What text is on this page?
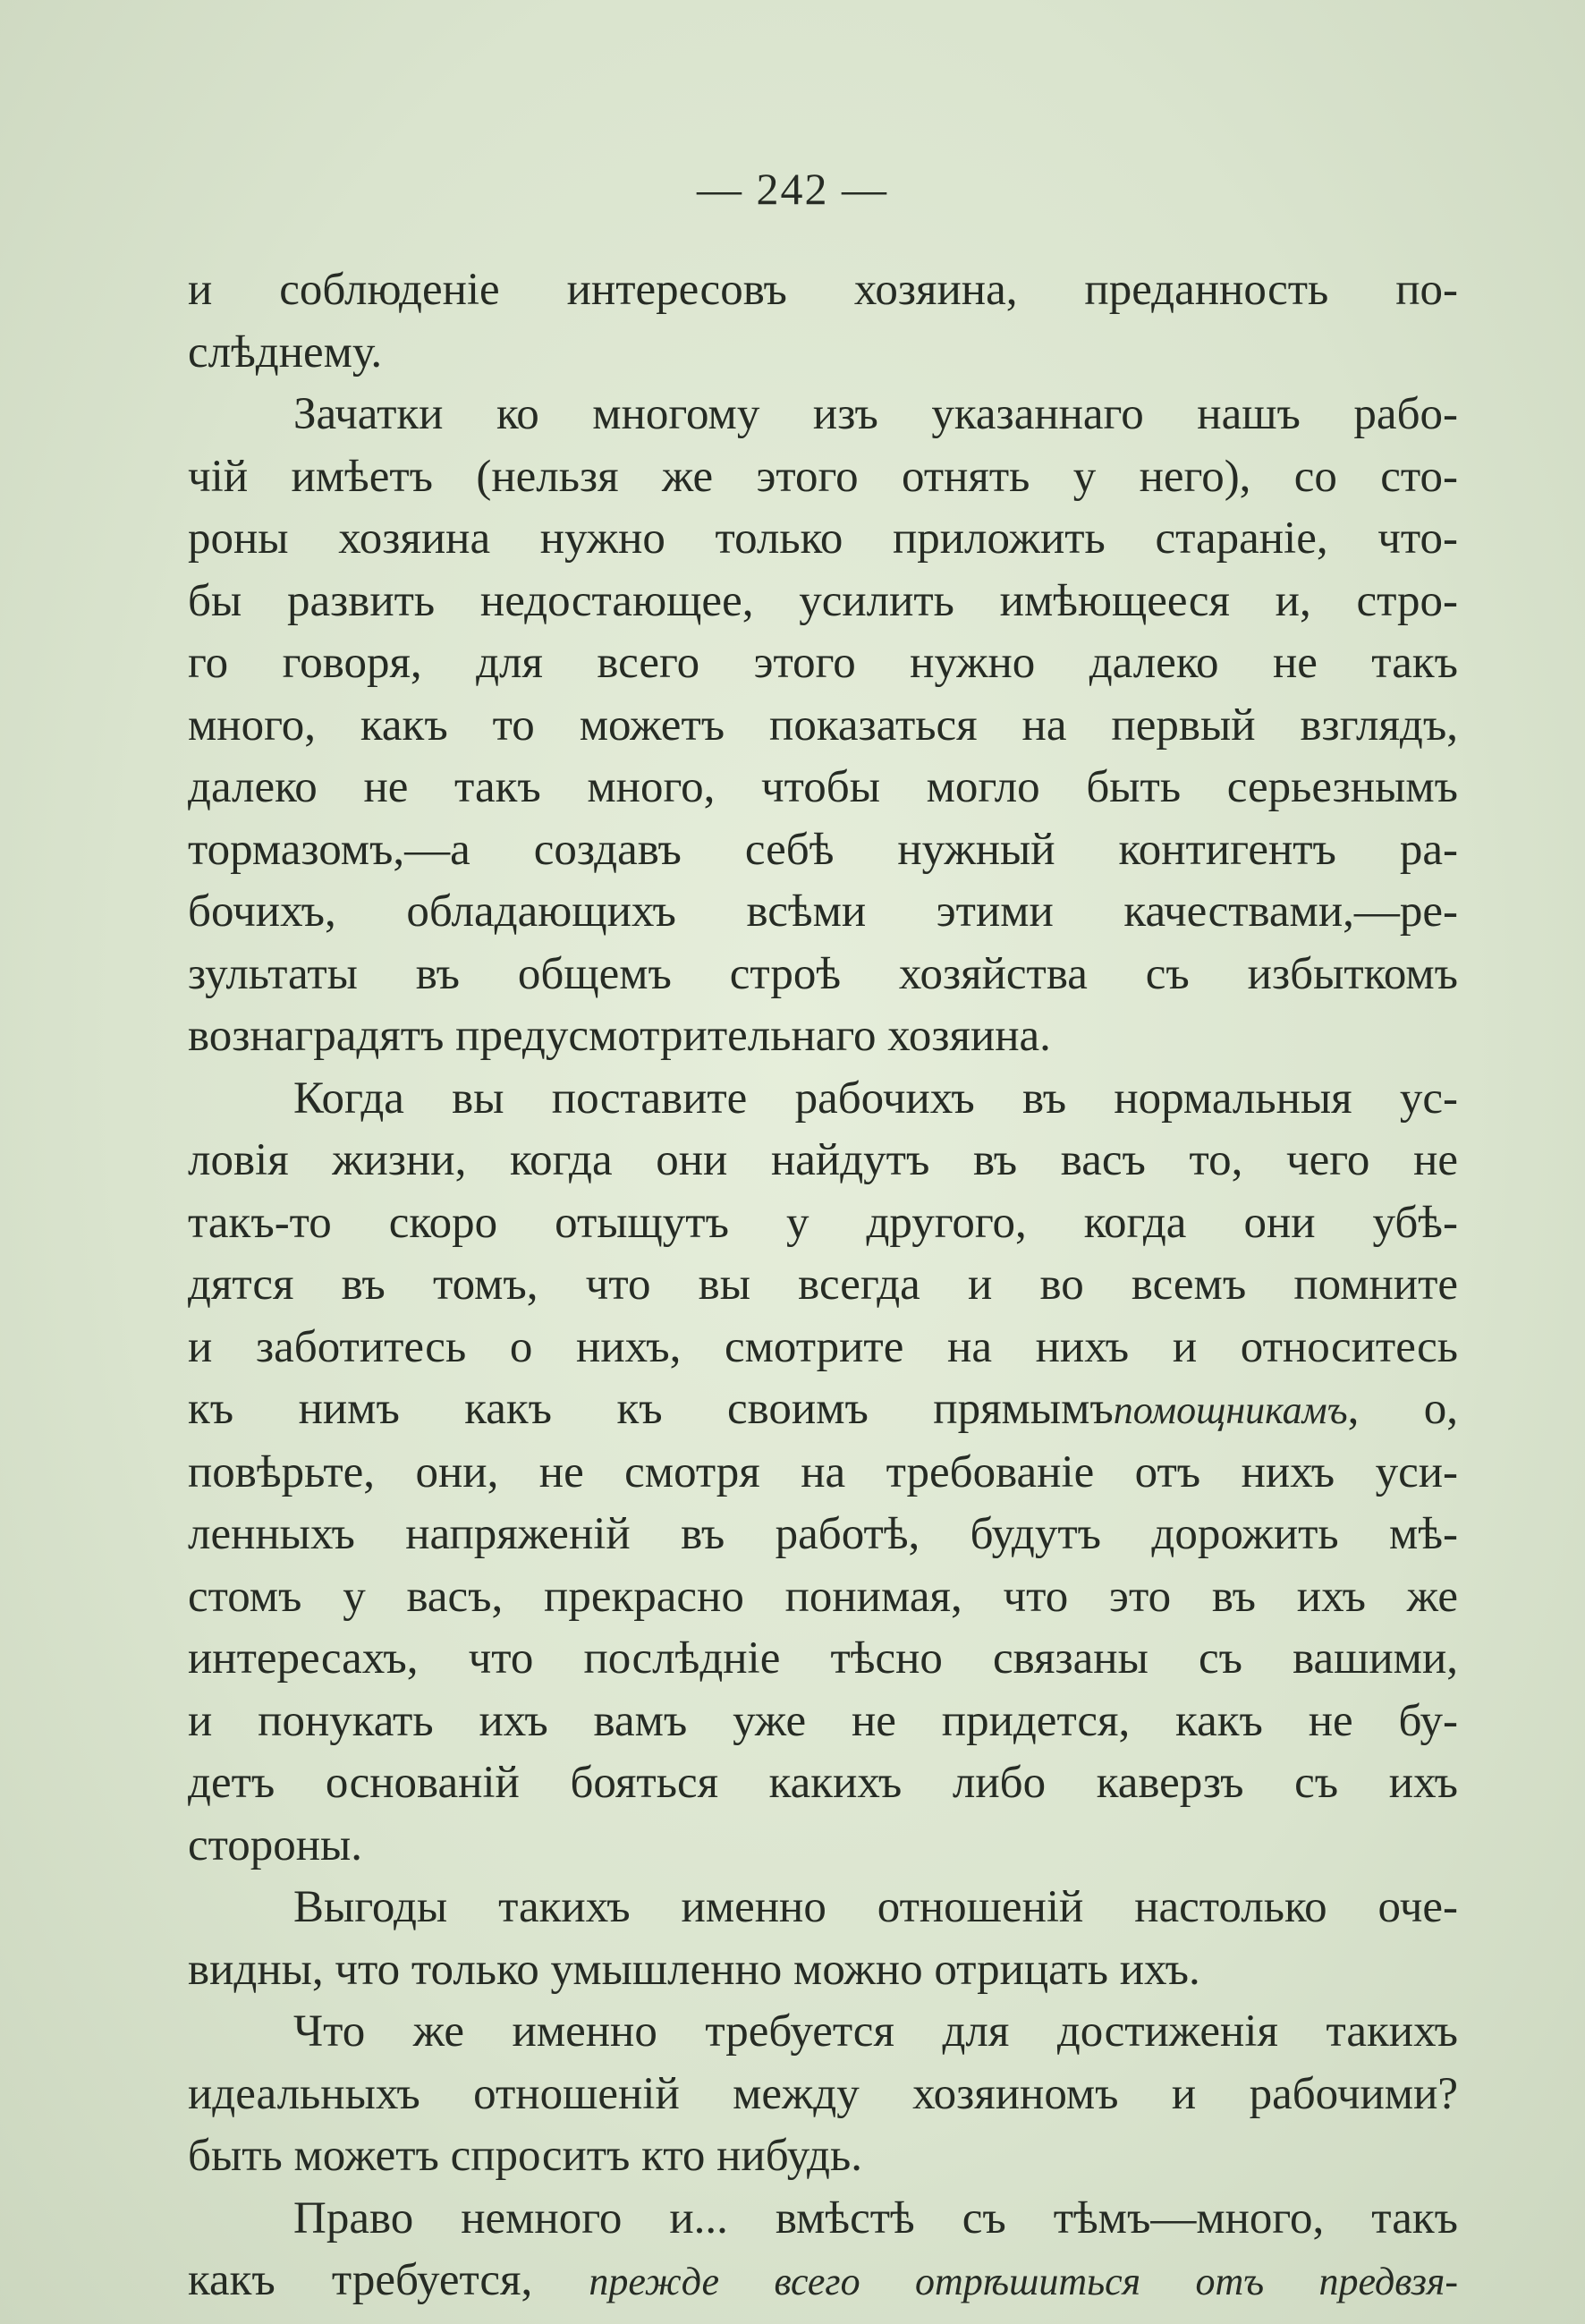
— 242 —
и соблюденіе интересовъ хозяина, преданность по-
слѣднему.
Зачатки ко многому изъ указаннаго нашъ рабо-
чій имѣетъ (нельзя же этого отнять у него), со сто-
роны хозяина нужно только приложить стараніе, что-
бы развить недостающее, усилить имѣющееся и, стро-
го говоря, для всего этого нужно далеко не такъ
много, какъ то можетъ показаться на первый взглядъ,
далеко не такъ много, чтобы могло быть серьезнымъ
тормазомъ,—а создавъ себѣ нужный контигентъ ра-
бочихъ, обладающихъ всѣми этими качествами,—ре-
зультаты въ общемъ строѣ хозяйства съ избыткомъ
вознаградятъ предусмотрительнаго хозяина.
Когда вы поставите рабочихъ въ нормальныя ус-
ловія жизни, когда они найдутъ въ васъ то, чего не
такъ-то скоро отыщутъ у другого, когда они убѣ-
дятся въ томъ, что вы всегда и во всемъ помните
и заботитесь о нихъ, смотрите на нихъ и относитесь
къ нимъ какъ къ своимъ прямымъпомощникамъ, о,
повѣрьте, они, не смотря на требованіе отъ нихъ уси-
ленныхъ напряженій въ работѣ, будутъ дорожить мѣ-
стомъ у васъ, прекрасно понимая, что это въ ихъ же
интересахъ, что послѣдніе тѣсно связаны съ вашими,
и понукать ихъ вамъ уже не придется, какъ не бу-
детъ основаній бояться какихъ либо каверзъ съ ихъ
стороны.
Выгоды такихъ именно отношеній настолько оче-
видны, что только умышленно можно отрицать ихъ.
Что же именно требуется для достиженія такихъ
идеальныхъ отношеній между хозяиномъ и рабочими?
быть можетъ спроситъ кто нибудь.
Право немного и... вмѣстѣ съ тѣмъ—много, такъ
какъ требуется, прежде всего отрѣшиться отъ предвзя-
